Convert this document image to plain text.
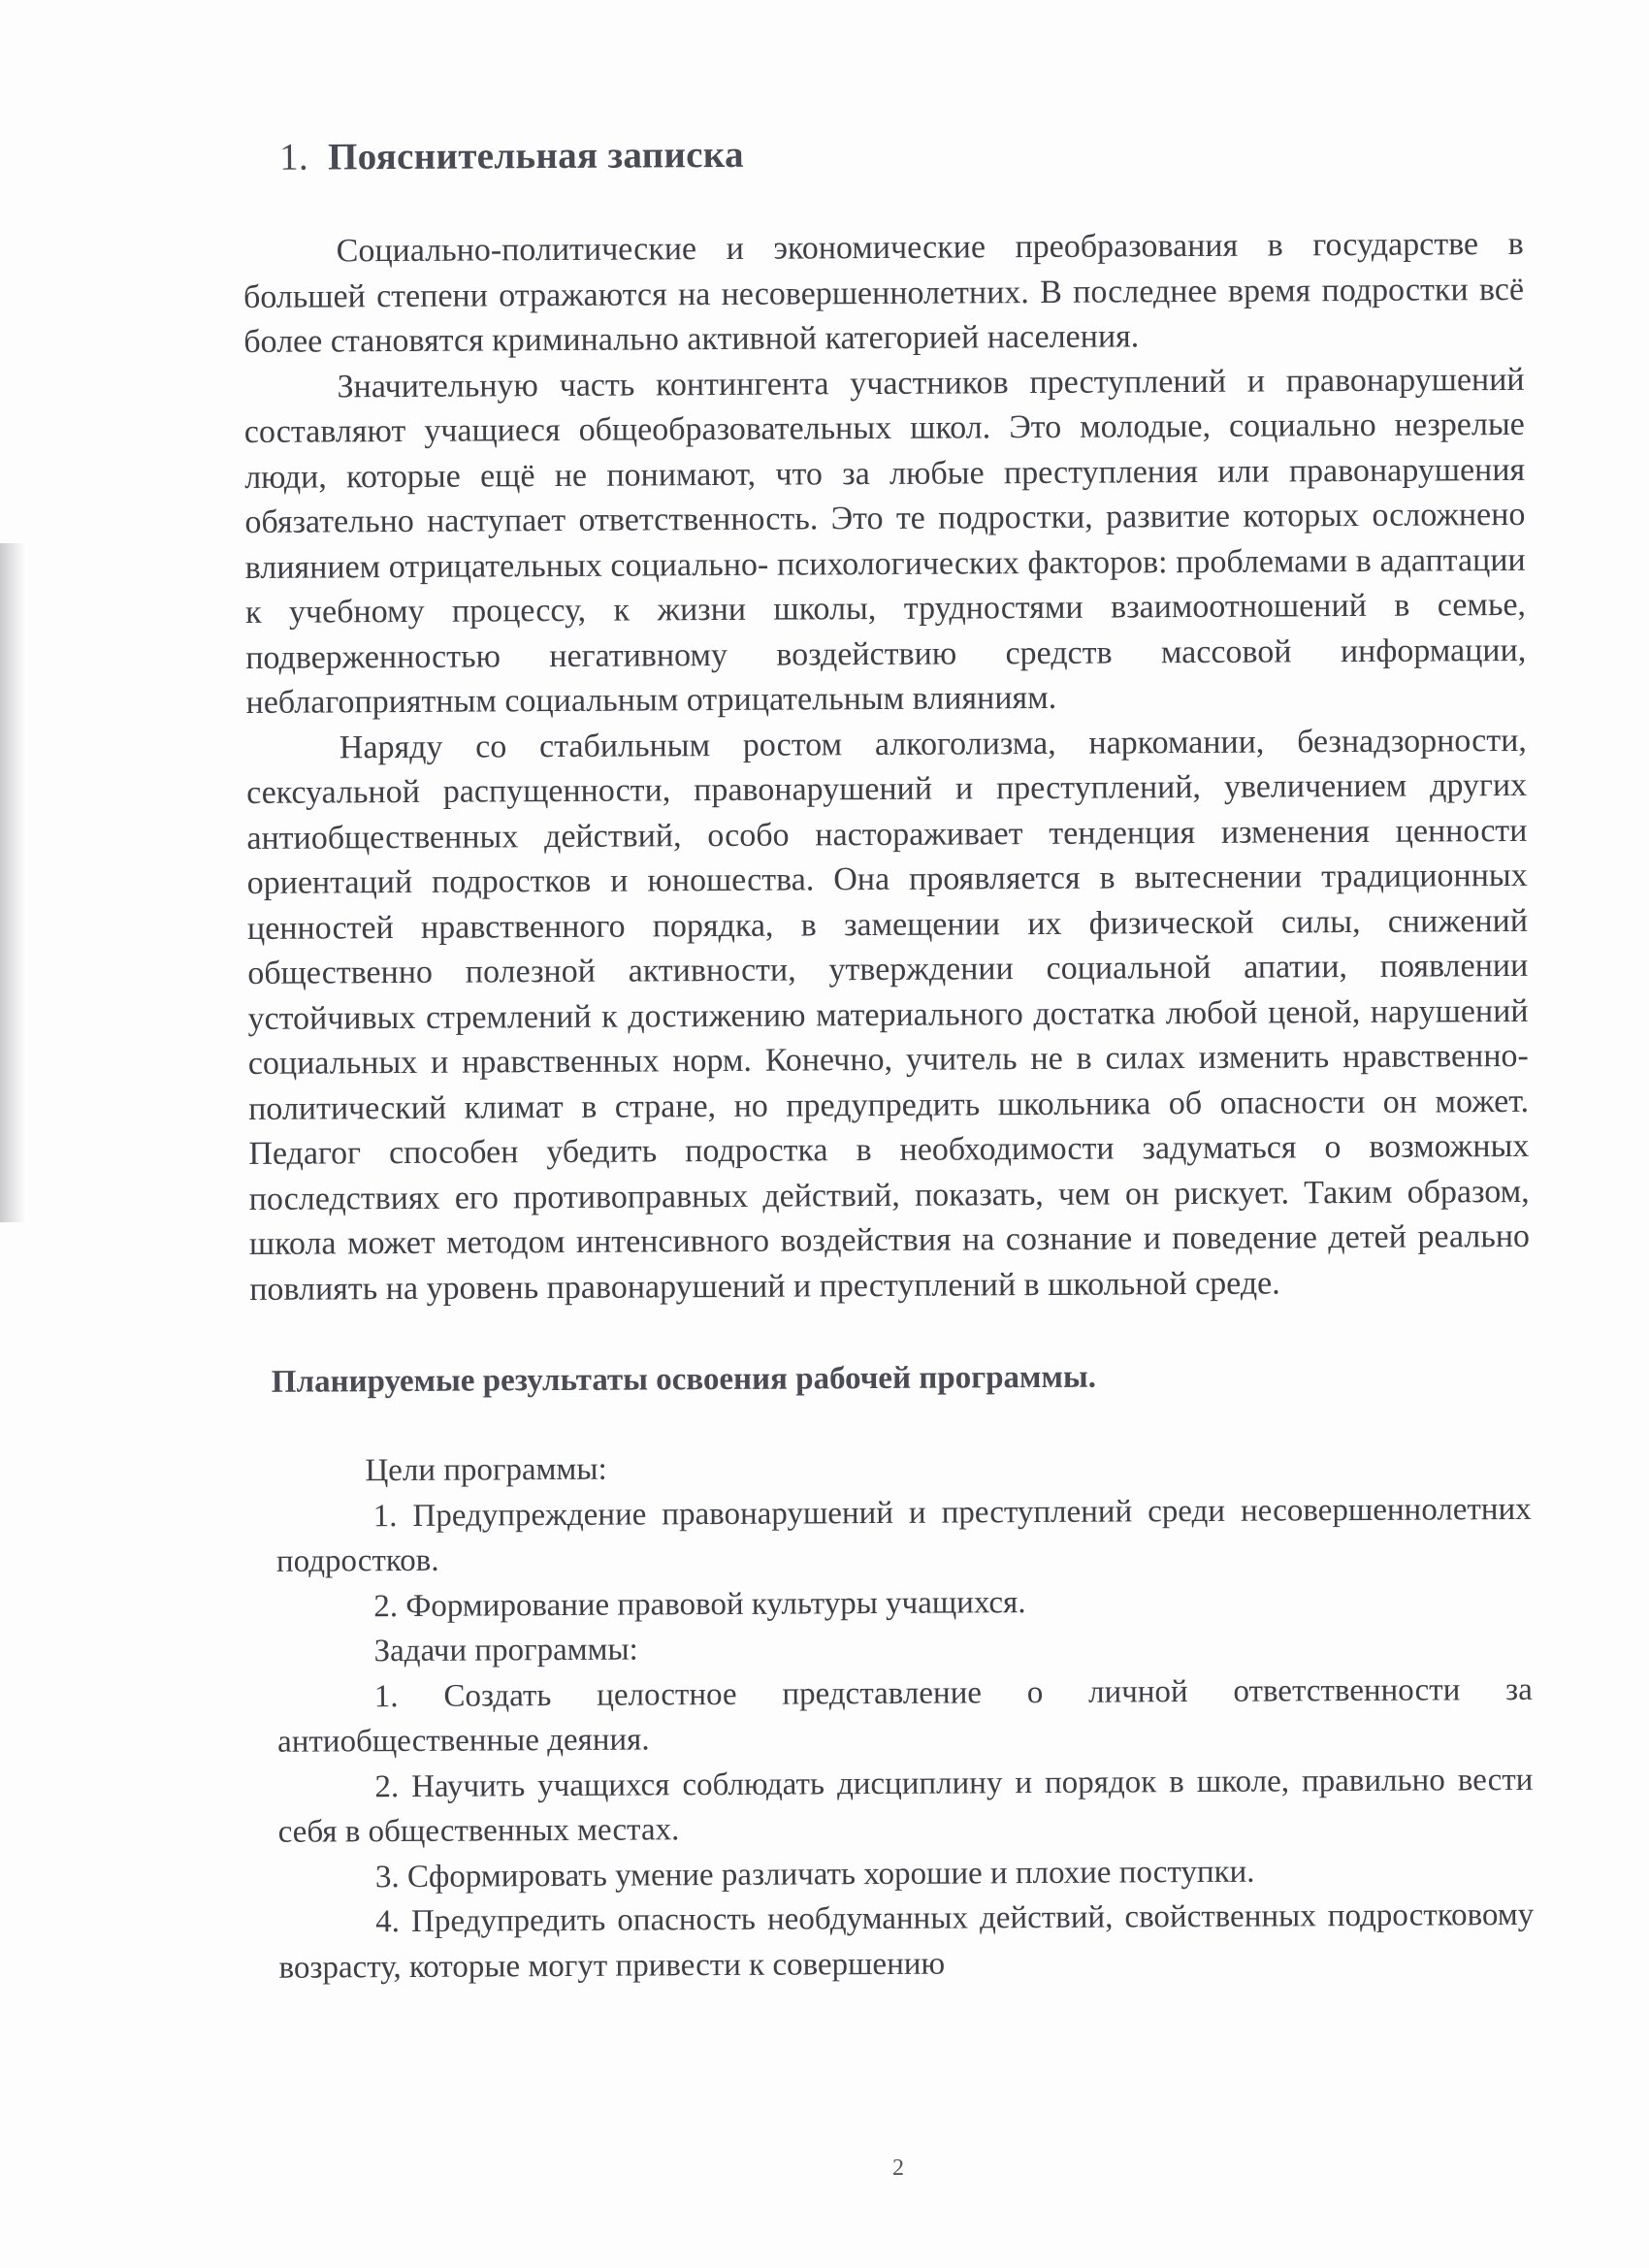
1. Пояснительная записка

Социально-политические и экономические преобразования в государстве в большей степени отражаются на несовершеннолетних. В последнее время подростки всё более становятся криминально активной категорией населения.

Значительную часть контингента участников преступлений и правонарушений составляют учащиеся общеобразовательных школ. Это молодые, социально незрелые люди, которые ещё не понимают, что за любые преступления или правонарушения обязательно наступает ответственность. Это те подростки, развитие которых осложнено влиянием отрицательных социально- психологических факторов: проблемами в адаптации к учебному процессу, к жизни школы, трудностями взаимоотношений в семье, подверженностью негативному воздействию средств массовой информации, неблагоприятным социальным отрицательным влияниям.

Наряду со стабильным ростом алкоголизма, наркомании, безнадзорности, сексуальной распущенности, правонарушений и преступлений, увеличением других антиобщественных действий, особо настораживает тенденция изменения ценности ориентаций подростков и юношества. Она проявляется в вытеснении традиционных ценностей нравственного порядка, в замещении их физической силы, снижений общественно полезной активности, утверждении социальной апатии, появлении устойчивых стремлений к достижению материального достатка любой ценой, нарушений социальных и нравственных норм. Конечно, учитель не в силах изменить нравственно- политический климат в стране, но предупредить школьника об опасности он может. Педагог способен убедить подростка в необходимости задуматься о возможных последствиях его противоправных действий, показать, чем он рискует. Таким образом, школа может методом интенсивного воздействия на сознание и поведение детей реально повлиять на уровень правонарушений и преступлений в школьной среде.

Планируемые результаты освоения рабочей программы.

Цели программы:

1. Предупреждение правонарушений и преступлений среди несовершеннолетних подростков.

2. Формирование правовой культуры учащихся.

Задачи программы:

1. Создать целостное представление о личной ответственности за антиобщественные деяния.

2. Научить учащихся соблюдать дисциплину и порядок в школе, правильно вести себя в общественных местах.

3. Сформировать умение различать хорошие и плохие поступки.

4. Предупредить опасность необдуманных действий, свойственных подростковому возрасту, которые могут привести к совершению

2
